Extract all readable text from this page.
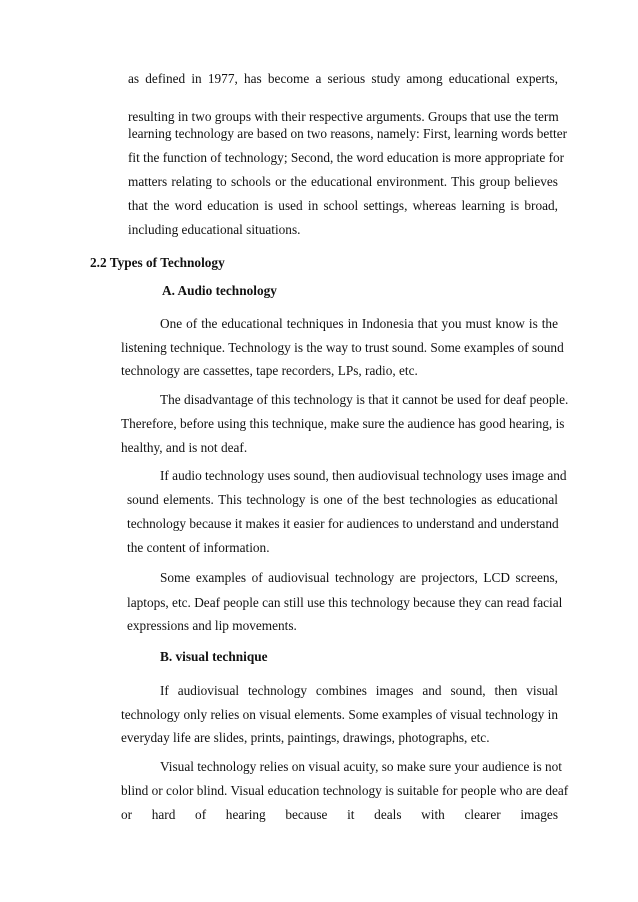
as defined in 1977, has become a serious study among educational experts,
resulting in two groups with their respective arguments. Groups that use the term
learning technology are based on two reasons, namely: First, learning words better
fit the function of technology; Second, the word education is more appropriate for
matters relating to schools or the educational environment. This group believes
that the word education is used in school settings, whereas learning is broad,
including educational situations.
2.2 Types of Technology
A. Audio technology
One of the educational techniques in Indonesia that you must know is the
listening technique. Technology is the way to trust sound. Some examples of sound
technology are cassettes, tape recorders, LPs, radio, etc.
The disadvantage of this technology is that it cannot be used for deaf people.
Therefore, before using this technique, make sure the audience has good hearing, is
healthy, and is not deaf.
If audio technology uses sound, then audiovisual technology uses image and
sound elements. This technology is one of the best technologies as educational
technology because it makes it easier for audiences to understand and understand
the content of information.
Some examples of audiovisual technology are projectors, LCD screens,
laptops, etc. Deaf people can still use this technology because they can read facial
expressions and lip movements.
B. visual technique
If audiovisual technology combines images and sound, then visual
technology only relies on visual elements. Some examples of visual technology in
everyday life are slides, prints, paintings, drawings, photographs, etc.
Visual technology relies on visual acuity, so make sure your audience is not
blind or color blind. Visual education technology is suitable for people who are deaf
or hard of hearing because it deals with clearer images
